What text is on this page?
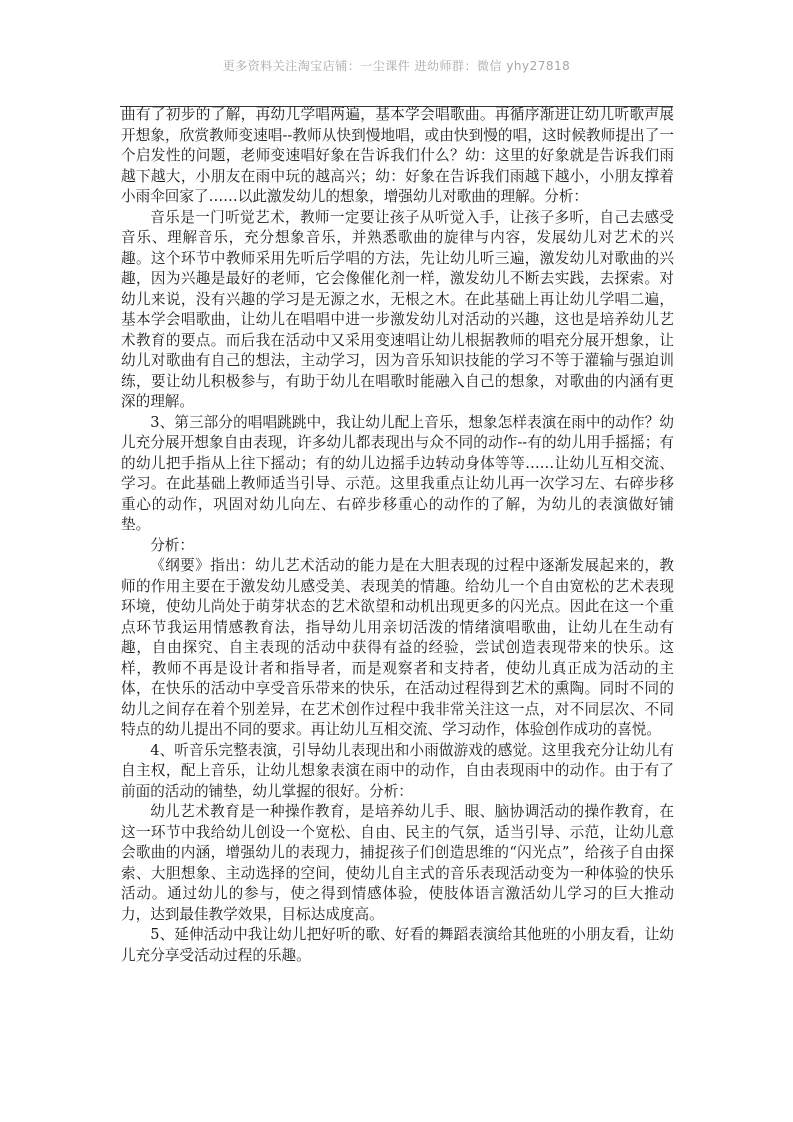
更多资料关注淘宝店铺：一尘课件 进幼师群：微信 yhy27818

曲有了初步的了解，再幼儿学唱两遍，基本学会唱歌曲。再循序渐进让幼儿听歌声展开想象，欣赏教师变速唱--教师从快到慢地唱，或由快到慢的唱，这时候教师提出了一个启发性的问题，老师变速唱好象在告诉我们什么？幼：这里的好象就是告诉我们雨越下越大，小朋友在雨中玩的越高兴；幼：好象在告诉我们雨越下越小，小朋友撑着小雨伞回家了……以此激发幼儿的想象，增强幼儿对歌曲的理解。分析：

音乐是一门听觉艺术，教师一定要让孩子从听觉入手，让孩子多听，自己去感受音乐、理解音乐，充分想象音乐，并熟悉歌曲的旋律与内容，发展幼儿对艺术的兴趣。这个环节中教师采用先听后学唱的方法，先让幼儿听三遍，激发幼儿对歌曲的兴趣，因为兴趣是最好的老师，它会像催化剂一样，激发幼儿不断去实践，去探索。对幼儿来说，没有兴趣的学习是无源之水，无根之木。在此基础上再让幼儿学唱二遍，基本学会唱歌曲，让幼儿在唱唱中进一步激发幼儿对活动的兴趣，这也是培养幼儿艺术教育的要点。而后我在活动中又采用变速唱让幼儿根据教师的唱充分展开想象，让幼儿对歌曲有自己的想法，主动学习，因为音乐知识技能的学习不等于灌输与强迫训练，要让幼儿积极参与，有助于幼儿在唱歌时能融入自己的想象，对歌曲的内涵有更深的理解。

3、第三部分的唱唱跳跳中，我让幼儿配上音乐，想象怎样表演在雨中的动作？幼儿充分展开想象自由表现，许多幼儿都表现出与众不同的动作--有的幼儿用手摇摇；有的幼儿把手指从上往下摇动；有的幼儿边摇手边转动身体等等……让幼儿互相交流、学习。在此基础上教师适当引导、示范。这里我重点让幼儿再一次学习左、右碎步移重心的动作，巩固对幼儿向左、右碎步移重心的动作的了解，为幼儿的表演做好铺垫。

分析：

《纲要》指出：幼儿艺术活动的能力是在大胆表现的过程中逐渐发展起来的，教师的作用主要在于激发幼儿感受美、表现美的情趣。给幼儿一个自由宽松的艺术表现环境，使幼儿尚处于萌芽状态的艺术欲望和动机出现更多的闪光点。因此在这一个重点环节我运用情感教育法，指导幼儿用亲切活泼的情绪演唱歌曲，让幼儿在生动有趣，自由探究、自主表现的活动中获得有益的经验，尝试创造表现带来的快乐。这样，教师不再是设计者和指导者，而是观察者和支持者，使幼儿真正成为活动的主体，在快乐的活动中享受音乐带来的快乐，在活动过程得到艺术的熏陶。同时不同的幼儿之间存在着个别差异，在艺术创作过程中我非常关注这一点，对不同层次、不同特点的幼儿提出不同的要求。再让幼儿互相交流、学习动作，体验创作成功的喜悦。

4、听音乐完整表演，引导幼儿表现出和小雨做游戏的感觉。这里我充分让幼儿有自主权，配上音乐，让幼儿想象表演在雨中的动作，自由表现雨中的动作。由于有了前面的活动的铺垫，幼儿掌握的很好。分析：

幼儿艺术教育是一种操作教育，是培养幼儿手、眼、脑协调活动的操作教育，在这一环节中我给幼儿创设一个宽松、自由、民主的气氛，适当引导、示范，让幼儿意会歌曲的内涵，增强幼儿的表现力，捕捉孩子们创造思维的“闪光点”，给孩子自由探索、大胆想象、主动选择的空间，使幼儿自主式的音乐表现活动变为一种体验的快乐活动。通过幼儿的参与，使之得到情感体验，使肢体语言激活幼儿学习的巨大推动力，达到最佳教学效果，目标达成度高。

5、延伸活动中我让幼儿把好听的歌、好看的舞蹈表演给其他班的小朋友看，让幼儿充分享受活动过程的乐趣。
